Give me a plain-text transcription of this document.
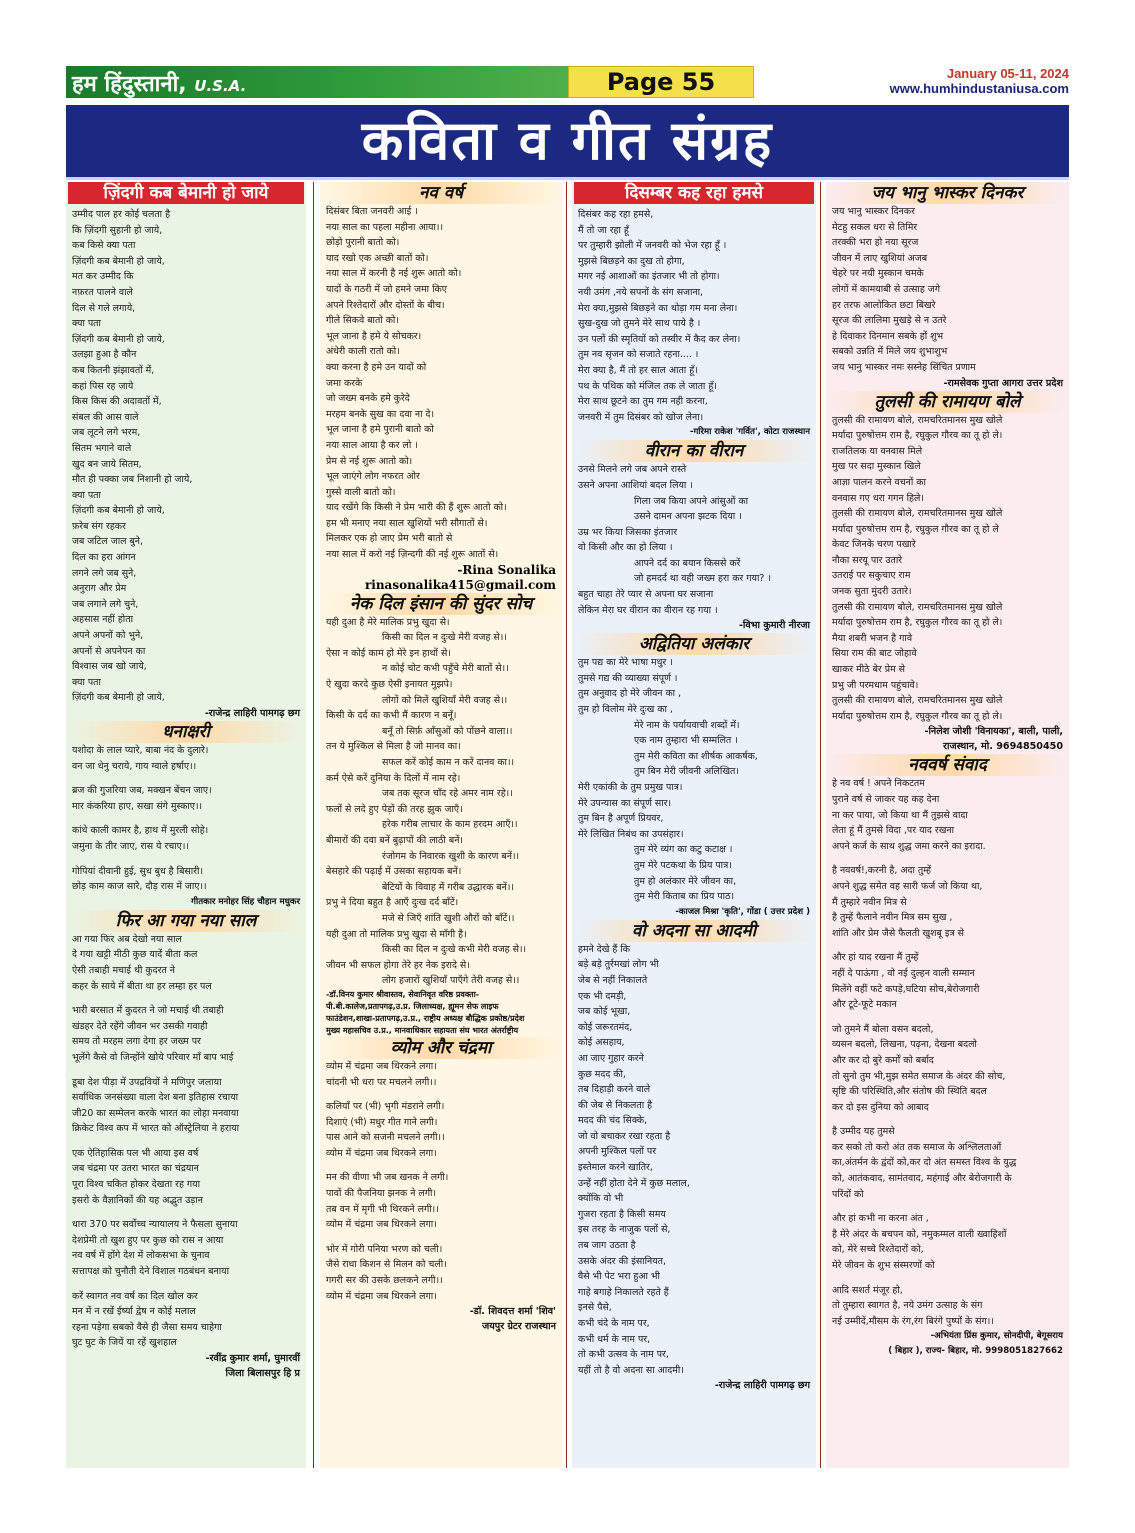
हम हिंदुस्तानी, U.S.A.	Page 55	January 05-11, 2024
www.humhindustaniusa.com
कविता व गीत संग्रह
ज़िंदगी कब बेमानी हो जाये
उम्मीद पाल हर कोई चलता है
कि ज़िंदगी सुहानी हो जाये,
कब किसे क्या पता
ज़िंदगी कब बेमानी हो जाये,
मत कर उम्मीद कि
नफ़रत पालने वाले
दिल से गले लगाये,
क्या पता
ज़िंदगी कब बेमानी हो जाये,
उलझा हुआ है कौन
कब कितनी झंझावतों में,
कहां पिस रह जाये
किस किस की अदावतों में,
संबल की आस वाले
जब लूटने लगे भरम,
सितम भगाने वाले
खुद बन जाये सितम,
मौत ही पक्का जब निशानी हो जाये,
क्या पता
ज़िंदगी कब बेमानी हो जाये,
फ़रेब संग रहकर
जब जटिल जाल बुने,
दिल का हरा आंगन
लगने लगे जब सुने,
अनुराग और प्रेम
जब लगाने लगे चुने,
अहसास नहीं होता
अपने अपनों को भुने,
अपनों से अपनेपन का
विश्वास जब खो जाये,
क्या पता
ज़िंदगी कब बेमानी हो जाये,
-राजेन्द्र लाहिरी पामगढ़ छग
धनाक्षरी
यशोदा के लाल प्यारे, बाबा नंद के दुलारे।
वन जा धेनु चराये, गाय ग्वाले हर्षाए।।
ब्रज की गुजरिया जब, मक्खन बेंचन जाए।
मार कंकरिया हाए, सखा संगे मुस्काए।।
कांधे काली कामर है, हाथ में मुरली सोहे।
जमुना के तीर जाए, रास ये रचाए।।
गोपियां दीवानी हुई, सुध बुध है बिसारी।
छोड़ काम काज सारे, दौड़ रास में जाए।।
गीतकार मनोहर सिंह चौहान मधुकर
फिर आ गया नया साल
आ गया फिर अब देखो नया साल
दे गया खट्टी मीठी कुछ यादें बीता कल
ऐसी तबाही मचाई थी कुदरत ने
कहर के साये में बीता था हर लम्हा हर पल
भारी बरसात में कुदरत ने जो मचाई थी तबाही
खंडहर देते रहेंगे जीवन भर उसकी गवाही
समय तो मरहम लगा देगा हर जख्म पर
भूलेंगे कैसे वो जिन्होंने खोये परिवार माँ बाप भाई
डूबा देश पीड़ा में उपद्रवियों ने मणिपुर जलाया
सर्वाधिक जनसंख्या वाला देश बना इतिहास रचाया
जी20 का सम्मेलन करके भारत का लोहा मनवाया
क्रिकेट विश्व कप में भारत को ऑस्ट्रेलिया ने हराया
एक ऐतिहासिक पल भी आया इस वर्ष
जब चंद्रमा पर उतरा भारत का चंद्रयान
पूरा विश्व चकित होकर देखता रह गया
इसरो के वैज्ञानिकों की यह अद्भुत उड़ान
धारा 370 पर सर्वोच्च न्यायालय ने फैसला सुनाया
देशप्रेमी तो खुश हुए पर कुछ को रास न आया
नव वर्ष में होंगे देश में लोकसभा के चुनाव
सत्तापक्ष को चुनौती देने विशाल गठबंधन बनाया
करें स्वागत नव वर्ष का दिल खोल कर
मन में न रखें ईर्ष्या द्वेष न कोई मलाल
रहना पड़ेगा सबको वैसे ही जैसा समय चाहेगा
घुट घुट के जियें या रहें खुशहाल
-रवींद्र कुमार शर्मा, घुमारवीं
जिला बिलासपुर हि प्र
नव वर्ष
दिसंबर बिता जनवरी आई ।
नया साल का पहला महीना आया।।
छोड़ो पुरानी बातो को।
याद रखो एक अच्छी बातों को।
नया साल में करनी है नई शुरू आतो को।
यादों के गठरी में जो हमने जमा किए
अपने रिश्तेदारों और दोस्तों के बीच।
गीले सिकवे बातो को।
भूल जाना है हमे ये सोचकर।
अंधेरी काली रातो को।
क्या करना है हमे उन यादों को
जमा करके
जो जख्म बनके हमे कुरेदे
मरहम बनके सुख का दवा ना दे।
भूल जाना है हमे पुरानी बातो को
नया साल आया है कर लो ।
प्रेम से नई शुरू आतो को।
भूल जाएंगे लोग नफरत ओर
गुस्से वाली बातो को।
याद रखेंगे कि किसी ने प्रेम भारी की हैं शुरू आतो को।
हम भी मनाए नया साल खुशियों भरी सौगातों से।
मिलकर एक हो जाए प्रेम भरी बातो से
नया साल में करो नई ज़िन्दगी की नई शुरू आतों से।
-Rina Sonalika
rinasonalika415@gmail.com
नेक दिल इंसान की सुंदर सोच
यही दुआ है मेरे मालिक प्रभु खुदा से।
किसी का दिल न दुःखे मेरी वजह से।।
ऐसा न कोई काम हो मेरे इन हाथों से।
न कोई चोट कभी पहुँचे मेरी बातों से।।
ऐ खुदा करदे कुछ ऐसी इनायत मुझपे।
लोगों को मिलें खुशियाँ मेरी वजह से।।
किसी के दर्द का कभी मैं कारण न बनूँ।
बनूँ तो सिर्फ़ आँसुओं को पोंछने वाला।।
तन ये मुश्किल से मिला है जो मानव का।
सफल करें कोई काम न करें दानव का।।
कर्म ऐसे करें दुनिया के दिलों में नाम रहे।
जब तक सूरज चाँद रहे अमर नाम रहे।।
फलों से लदे हुए पेड़ों की तरह झुक जाएँ।
हरेक गरीब लाचार के काम हरदम आएँ।।
बीमारों की दवा बनें बुढ़ापों की लाठी बनें।
रंजोगम के निवारक खुशी के कारण बनें।।
बेसहारे की पढ़ाई में उसका सहायक बनें।
बेटियों के विवाह में गरीब उद्धारक बनें।।
प्रभु ने दिया बहुत है आएँ दुःख दर्द बाँटें।
मजे से जिएँ शांति खुशी औरों को बाँटें।।
यही दुआ तो मालिक प्रभु खुदा से माँगी है।
किसी का दिल न दुःखे कभी मेरी वजह से।।
जीवन भी सफल होगा तेरे हर नेक इरादे से।
लोग हजारों खुशियाँ पाएँगे तेरी वजह से।।
-डॉ.विनय कुमार श्रीवास्तव, सेवानिवृत वरिष्ठ प्रवक्ता-
पी.बी.कालेज,प्रतापगढ़,उ.प्र. जिलाध्यक्ष, ह्यूमन सेफ लाइफ
फाउंडेशन,शाखा-प्रतापगढ़,उ.प्र., राष्ट्रीय अध्यक्ष बौद्धिक प्रकोष्ठ/प्रदेश
मुख्य महासचिव उ.प्र., मानवाधिकार सहायता संघ भारत अंतर्राष्ट्रीय
व्योम और चंद्रमा
व्योम में चंद्रमा जब थिरकने लगा।
चांदनी भी धरा पर मचलने लगी।।
कलियाँ पर (भी) भृगी मंडराने लगी।
दिशाएं (भी) मधुर गीत गाने लगी।
पास आने को सजनी मचलने लगी।।
व्योम में चंद्रमा जब थिरकने लगा।
मन की वीणा भी जब खनक ने लगी।
पावों की पैजनिया झनक ने लगी।
तब वन में मृगी भी थिरकने लगी।।
व्योम में चंद्रमा जब थिरकने लगा।
भोर में गोरी पनिया भरण को चली।
जैसे राधा किशन से मिलन को चली।
गगरी सर की उसके छलकने लगी।।
व्योम में चंद्रमा जब थिरकने लगा।
-डॉ. शिवदत्त शर्मा 'शिव'
जयपुर ग्रेटर राजस्थान
दिसम्बर कह रहा हमसे
दिसंबर कह रहा हमसे,
मैं तो जा रहा हूँ
पर तुम्हारी झोली में जनवरी को भेज रहा हूँ ।
मुझसे बिछड़ने का दुख तो होगा,
मगर नई आशाओं का इंतजार भी तो होगा।
नयी उमंग ,नये सपनों के संग सजाना,
मेरा क्या,मुझसे बिछड़ने का थोड़ा गम मना लेना।
सुख-दुख जो तुमने मेरे साथ पाये है ।
उन पलों की स्मृतियों को तस्वीर में कैद कर लेना।
तुम नव सृजन को सजाते रहना.... ।
मेरा क्या है, मैं तो हर साल आता हूँ।
पथ के पथिक को मंजिल तक ले जाता हूँ।
मेरा साथ छूटने का तुम गम नही करना,
जनवरी में तुम दिसंबर को खोज लेना।
-गरिमा राकेश 'गर्वित', कोटा राजस्थान
वीरान का वीरान
उनसे मिलने लगे जब अपने रास्ते
उसने अपना आशियां बदल लिया ।
गिला जब किया अपने आंसुओं का
उसने दामन अपना झटक दिया ।
उम्र भर किया जिसका इंतजार
वो किसी और का हो लिया ।
आपने दर्द का बयान किससे करें
जो हमदर्द था वही जख्म हरा कर गया? ।
बहुत चाहा तेरे प्यार से अपना घर सजाना
लेकिन मेरा घर वीरान का वीरान रह गया ।
-विभा कुमारी नीरजा
अद्वितिया अलंकार
तुम पद्य का मेरे भाषा मधुर ।
तुमसे गद्य की व्याख्या संपूर्ण ।
तुम अनुवाद हो मेरे जीवन का ,
तुम हो विलोम मेरे दुःख का ,
मेरे नाम के पर्यायवाची शब्दों में।
एक नाम तुम्हारा भी सम्मलित ।
तुम मेरी कविता का शीर्षक आकर्षक,
तुम बिन मेरी जीवनी अलिखित।
मेरी एकांकी के तुम प्रमुख पात्र।
मेरे उपन्यास का संपूर्ण सार।
तुम बिन है अपूर्ण प्रियवर,
मेरे लिखित निबंध का उपसंहार।
तुम मेरे व्यंग का कटु कटाक्ष ।
तुम मेरे पटकथा के प्रिय पात्र।
तुम हो अलंकार मेरे जीवन का,
तुम मेरी किताब का प्रिय पाठ।
-काजल मिश्रा 'कृति', गोंडा ( उत्तर प्रदेश )
वो अदना सा आदमी
हमने देखे हैं कि
बड़े बड़े तुर्रमखां लोग भी
जेब से नहीं निकालते
एक भी दमड़ी,
जब कोई भूखा,
कोई जरूरतमंद,
कोई असहाय,
आ जाए गुहार करने
कुछ मदद की,
तब दिहाड़ी करने वाले
की जेब से निकलता है
मदद की चंद सिक्के,
जो वो बचाकर रखा रहता है
अपनी मुश्किल पलों पर
इस्तेमाल करने खातिर,
उन्हें नहीं होता देने में कुछ मलाल,
क्योंकि वो भी
गुजरा रहता है किसी समय
इस तरह के नाजुक पलों से,
तब जाग उठता है
उसके अंदर की इंसानियत,
वैसे भी पेट भरा हुआ भी
गाहे बगाहे निकालते रहते हैं
इनसे पैसे,
कभी चंदे के नाम पर,
कभी धर्म के नाम पर,
तो कभी उत्सव के नाम पर,
यहीं तो है वो अदना सा आदमी।
-राजेन्द्र लाहिरी पामगढ़ छग
जय भानु भास्कर दिनकर
जय भानु भास्कर दिनकर
मेटहु सकल धरा से तिमिर
तरक्की भरा हो नया सूरज
जीवन में लाए खुशियां अजब
चेहरे पर नयी मुस्कान चमके
लोगों में कामयाबी से उत्साह जगे
हर तरफ आलोकित छटा बिखरे
सूरज की लालिमा मुखड़े से न उतरे
हे दिवाकर दिनमान सबके हों शुभ
सबको उन्नति में मिले जय शुभाशुभ
जय भानु भास्कर नमः सस्नेह सिंचित प्रणाम
-रामसेवक गुप्ता आगरा उत्तर प्रदेश
तुलसी की रामायण बोले
तुलसी की रामायण बोले, रामचरितमानस मुख खोले
मर्यादा पुरुषोत्तम राम है, रघुकुल गौरव का तू हो ले।
राजतिलक या वनवास मिले
मुख पर सदा मुस्कान खिले
आज्ञा पालन करने वचनों का
वनवास गए धरा गगन हिले।
तुलसी की रामायण बोले, रामचरितमानस मुख खोले
मर्यादा पुरुषोत्तम राम है, रघुकुल गौरव का तू हो ले
केवट जिनके चरण पखारे
नौका सरयू पार उतारे
उतराई पर सकुचाए राम
जनक सुता मुंदरी उतारे।
तुलसी की रामायण बोले, रामचरितमानस मुख खोले
मर्यादा पुरुषोत्तम राम है, रघुकुल गौरव का तू हो ले।
मैया शबरी भजन है गावे
सिया राम की बाट जोहावे
खाकर मीठे बेर प्रेम से
प्रभु जी परमधाम पहुंचावे।
तुलसी की रामायण बोले, रामचरितमानस मुख खोले
मर्यादा पुरुषोत्तम राम है, रघुकुल गौरव का तू हो ले।
-निलेश जोशी 'विनायका', बाली, पाली,
राजस्थान, मो. 9694850450
नववर्ष संवाद
हे नव वर्ष ! अपने निकटतम
पुराने वर्ष से जाकर यह कह देना
ना कर पाया, जो किया था मैं तुझसे वादा
लेता हूं मैं तुमसे विदा ,पर याद रखना
अपने कर्ज के साथ शुद्ध जमा करने का इरादा.
है नववर्ष!,करनी है, अदा तुम्हें
अपने शुद्ध समेत वह सारी फर्ज जो किया था,
मैं तुम्हारे नवीन मित्र से
है तुम्हें फैलाने नवीन मित्र सम सुख ,
शांति और प्रेम जैसे फैलती खुशबू इत्र से
और हां याद रखना मैं तुम्हें
नहीं दे पाऊंगा , वो नई दुल्हन वाली सम्मान
मिलेंगे वहीं फटे कपड़े,घटिया सोच,बेरोजगारी
और टूटे-फूटे मकान
जो तुमने मैं बोला वसन बदलो,
व्यसन बदलो, लिखना, पढ़ना, देखना बदलो
और कर दो बुरे कर्मों को बर्बाद
तो सुनो तुम भी,मुझ समेत समाज के अंदर की सोच,
सृष्टि की परिस्थिति,और संतोष की स्थिति बदल
कर दो इस दुनिया को आबाद
है उम्मीद यह तुमसे
कर सको तो करो अंत तक समाज के अश्लिलताओं
का,अंतर्मन के द्वंदों को,कर दो अंत समस्त विश्व के युद्ध
को, आतंकवाद, सामंतवाद, महंगाई और बेरोजगारी के
परिंदों को
और हां कभी ना करना अंत ,
है मेरे अंदर के बचपन को, नमुकम्मल वाली ख्वाहिशों
को, मेरे सच्चे रिश्तेदारों को,
मेरे जीवन के शुभ संस्मरणों को
आदि सशर्त मंजूर हो,
तो तुम्हारा स्वागत है, नये उमंग उत्साह के संग
नई उम्मीदें,मौसम के रंग,रंग बिरंगे पुष्पों के संग।।
-अभियंता प्रिंस कुमार, सोनदीपी, बेगूसराय
( बिहार ), राज्य- बिहार, मो. 9998051827662
